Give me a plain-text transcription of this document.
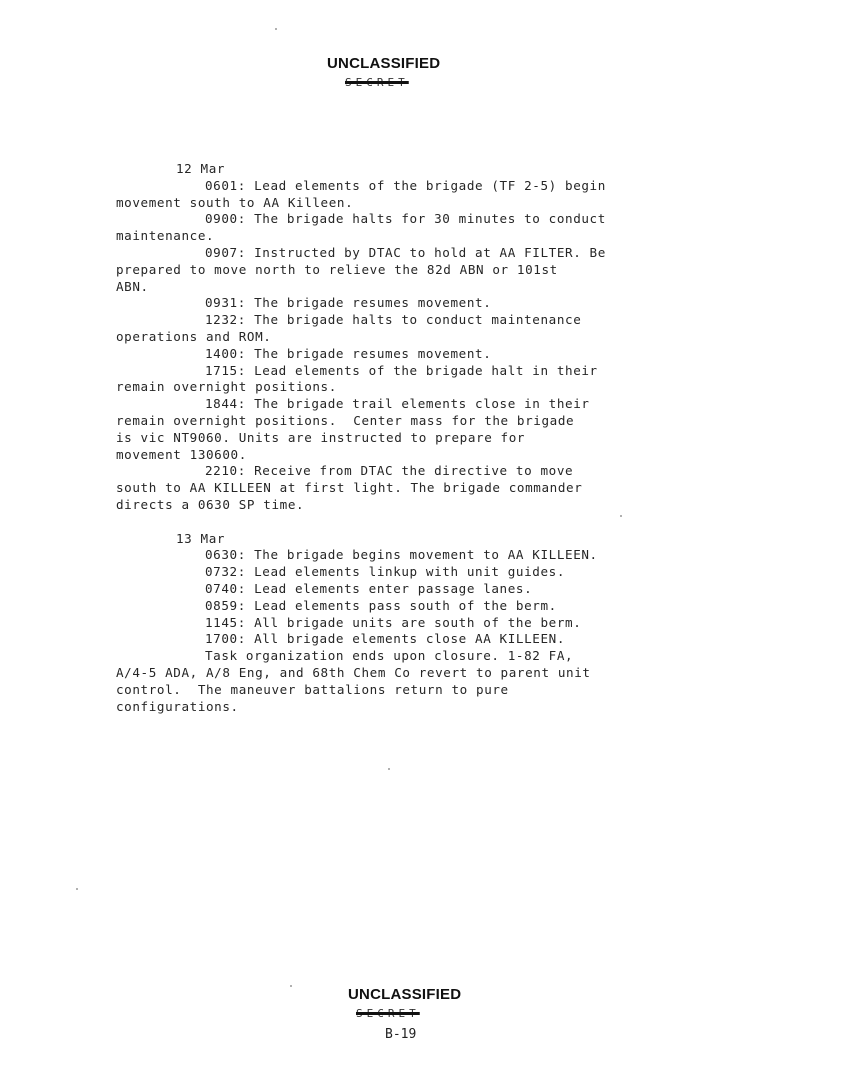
UNCLASSIFIED
SECRET
12 Mar
0601: Lead elements of the brigade (TF 2-5) begin
movement south to AA Killeen.
0900: The brigade halts for 30 minutes to conduct
maintenance.
0907: Instructed by DTAC to hold at AA FILTER. Be
prepared to move north to relieve the 82d ABN or 101st
ABN.
0931: The brigade resumes movement.
1232: The brigade halts to conduct maintenance
operations and ROM.
1400: The brigade resumes movement.
1715: Lead elements of the brigade halt in their
remain overnight positions.
1844: The brigade trail elements close in their
remain overnight positions.  Center mass for the brigade
is vic NT9060. Units are instructed to prepare for
movement 130600.
2210: Receive from DTAC the directive to move
south to AA KILLEEN at first light. The brigade commander
directs a 0630 SP time.
13 Mar
0630: The brigade begins movement to AA KILLEEN.
0732: Lead elements linkup with unit guides.
0740: Lead elements enter passage lanes.
0859: Lead elements pass south of the berm.
1145: All brigade units are south of the berm.
1700: All brigade elements close AA KILLEEN.
Task organization ends upon closure. 1-82 FA,
A/4-5 ADA, A/8 Eng, and 68th Chem Co revert to parent unit
control.  The maneuver battalions return to pure
configurations.
UNCLASSIFIED
SECRET
B-19
